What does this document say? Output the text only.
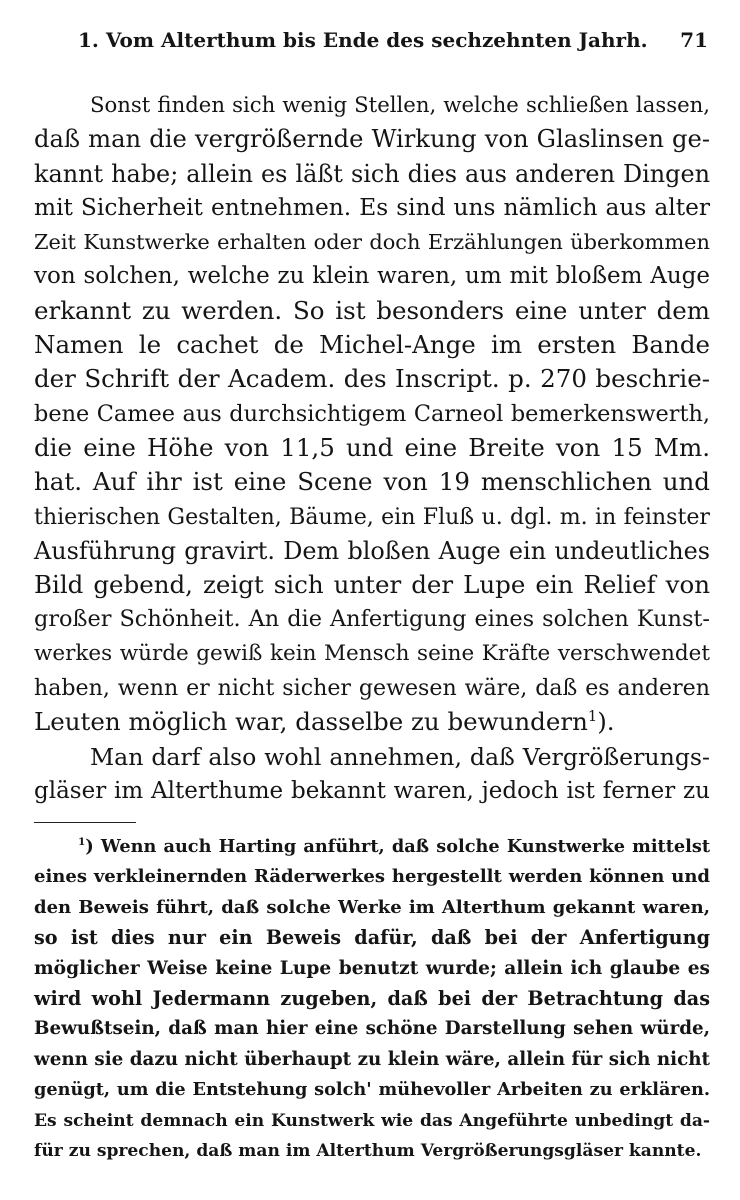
1. Vom Alterthum bis Ende des sechzehnten Jahrh. 71

Sonst finden sich wenig Stellen, welche schließen lassen,
daß man die vergrößernde Wirkung von Glaslinsen ge-
kannt habe; allein es läßt sich dies aus anderen Dingen
mit Sicherheit entnehmen. Es sind uns nämlich aus alter
Zeit Kunstwerke erhalten oder doch Erzählungen überkommen
von solchen, welche zu klein waren, um mit bloßem Auge
erkannt zu werden. So ist besonders eine unter dem
Namen le cachet de Michel-Ange im ersten Bande
der Schrift der Academ. des Inscript. p. 270 beschrie-
bene Camee aus durchsichtigem Carneol bemerkenswerth,
die eine Höhe von 11,5 und eine Breite von 15 Mm.
hat. Auf ihr ist eine Scene von 19 menschlichen und
thierischen Gestalten, Bäume, ein Fluß u. dgl. m. in feinster
Ausführung gravirt. Dem bloßen Auge ein undeutliches
Bild gebend, zeigt sich unter der Lupe ein Relief von
großer Schönheit. An die Anfertigung eines solchen Kunst-
werkes würde gewiß kein Mensch seine Kräfte verschwendet
haben, wenn er nicht sicher gewesen wäre, daß es anderen
Leuten möglich war, dasselbe zu bewundern$^1$).

Man darf also wohl annehmen, daß Vergrößerungs-
gläser im Alterthume bekannt waren, jedoch ist ferner zu

$^1$) Wenn auch Harting anführt, daß solche Kunstwerke mittelst
eines verkleinernden Räderwerkes hergestellt werden können und
den Beweis führt, daß solche Werke im Alterthum gekannt waren,
so ist dies nur ein Beweis dafür, daß bei der Anfertigung
möglicher Weise keine Lupe benutzt wurde; allein ich glaube es
wird wohl Jedermann zugeben, daß bei der Betrachtung das
Bewußtsein, daß man hier eine schöne Darstellung sehen würde,
wenn sie dazu nicht überhaupt zu klein wäre, allein für sich nicht
genügt, um die Entstehung solch' mühevoller Arbeiten zu erklären.
Es scheint demnach ein Kunstwerk wie das Angeführte unbedingt da-
für zu sprechen, daß man im Alterthum Vergrößerungsgläser kannte.
